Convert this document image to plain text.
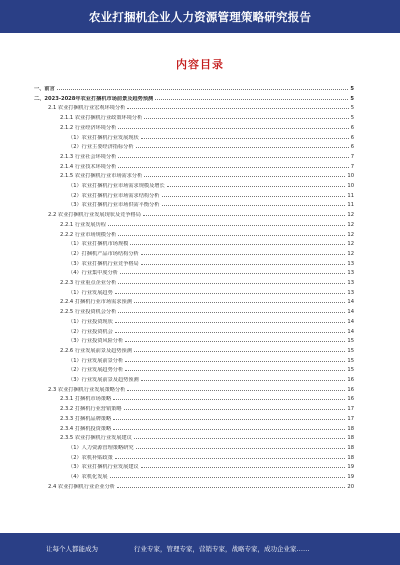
农业打捆机企业人力资源管理策略研究报告
内容目录
一、前言	5
二、2023-2028年农业打捆机市场前景及趋势预测	5
2.1 农业打捆机行业宏观环境分析	5
2.1.1 农业打捆机行业政策环境分析	5
2.1.2 行业经济环境分析	6
（1）农业打捆机行业发展现状	6
（2）行业主要经济指标分析	6
2.1.3 行业社会环境分析	7
2.1.4 行业技术环境分析	7
2.1.5 农业打捆机行业市场需求分析	10
（1）农业打捆机行业市场需求规模及增长	10
（2）农业打捆机行业市场需求结构分析	11
（3）农业打捆机行业市场供需平衡分析	11
2.2 农业打捆机行业发展现状及竞争格局	12
2.2.1 行业发展历程	12
2.2.2 行业市场规模分析	12
（1）农业打捆机市场规模	12
（2）打捆机产品市场结构分析	12
（3）农业打捆机行业竞争格局	13
（4）行业集中度分析	13
2.2.3 行业重点企业分析	13
（1）行业发展趋势	13
2.2.4 打捆机行业市场需求预测	14
2.2.5 行业投资机会分析	14
（1）行业投资现状	14
（2）行业投资机会	14
（3）行业投资风险分析	15
2.2.6 行业发展前景及趋势预测	15
（1）行业发展前景分析	15
（2）行业发展趋势分析	15
（3）行业发展前景及趋势预测	16
2.3 农业打捆机行业发展策略分析	16
2.3.1 打捆机市场策略	16
2.3.2 打捆机行业营销策略	17
2.3.3 打捆机品牌策略	17
2.3.4 打捆机投资策略	18
2.3.5 农业打捆机行业发展建议	18
（1）人力资源管理策略研究	18
（2）农机补贴政策	18
（3）农业打捆机行业发展建议	19
（4）农机化发展	19
2.4 农业打捆机行业企业分析	20
让每个人都能成为	行业专家，管理专家，营销专家，战略专家，成功企业家……
